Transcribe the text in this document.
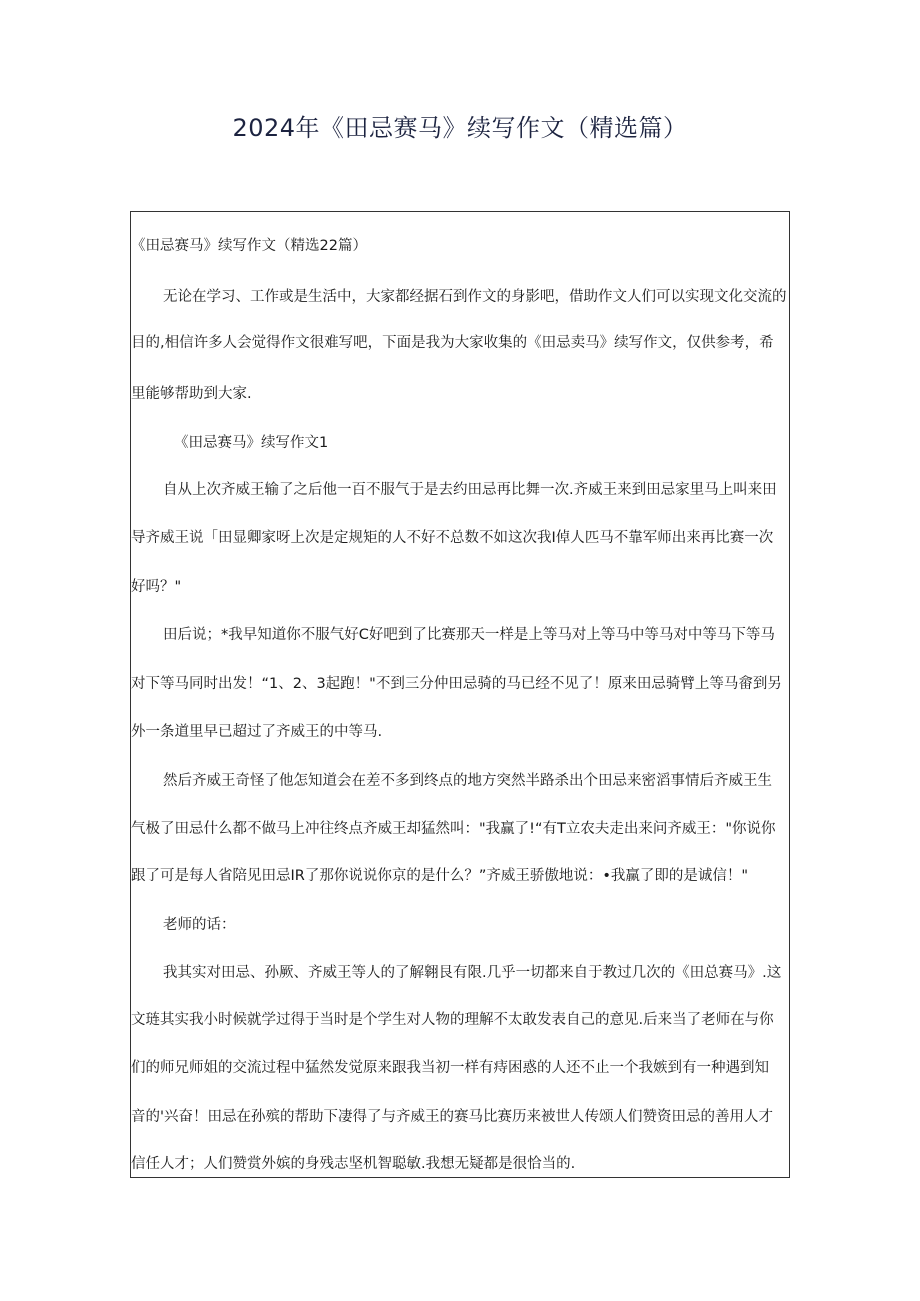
2024年《田忌赛马》续写作文（精选篇）
《田忌赛马》续写作文（精选22篇）
无论在学习、工作或是生活中，大家都经据石到作文的身影吧，借助作文人们可以实现文化交流的
目的,相信许多人会觉得作文很难写吧，下面是我为大家收集的《田忌卖马》续写作文，仅供参考，希
里能够帮助到大家.
《田忌赛马》续写作文1
自从上次齐威王输了之后他一百不服气于是去约田忌再比舞一次.齐威王来到田忌家里马上叫来田
导齐威王说「田显卿家呀上次是定规矩的人不好不总数不如这次我I倬人匹马不靠军师出来再比赛一次
好吗？"
田后说；*我早知道你不服气好C好吧到了比赛那天一样是上等马对上等马中等马对中等马下等马
对下等马同时出发！“1、2、3起跑！"不到三分仲田忌骑的马已经不见了！原来田忌骑臂上等马畲到另
外一条道里早已超过了齐威王的中等马.
然后齐威王奇怪了他怎知道会在差不多到终点的地方突然半路杀出个田忌来密滔事情后齐威王生
气极了田忌什么都不做马上冲往终点齐威王却猛然叫："我赢了!“有T立农夫走出来问齐威王："你说你
跟了可是每人省陪见田忌IR了那你说说你京的是什么？”齐威王骄傲地说：•我赢了即的是诚信！"
老师的话：
我其实对田忌、孙厥、齐威王等人的了解翱艮有限.几乎一切都来自于教过几次的《田总赛马》.这
文琏其实我小时候就学过得于当时是个学生对人物的理解不太敢发表自己的意见.后来当了老师在与你
们的师兄师姐的交流过程中猛然发觉原来跟我当初一样有痔困惑的人还不止一个我嫉到有一种遇到知
音的'兴奋！田忌在孙殡的帮助下凄得了与齐威王的赛马比赛历来被世人传颂人们赞资田忌的善用人才
信任人才；人们赞赏外嫔的身残志坚机智聪敏.我想无疑都是很恰当的.
